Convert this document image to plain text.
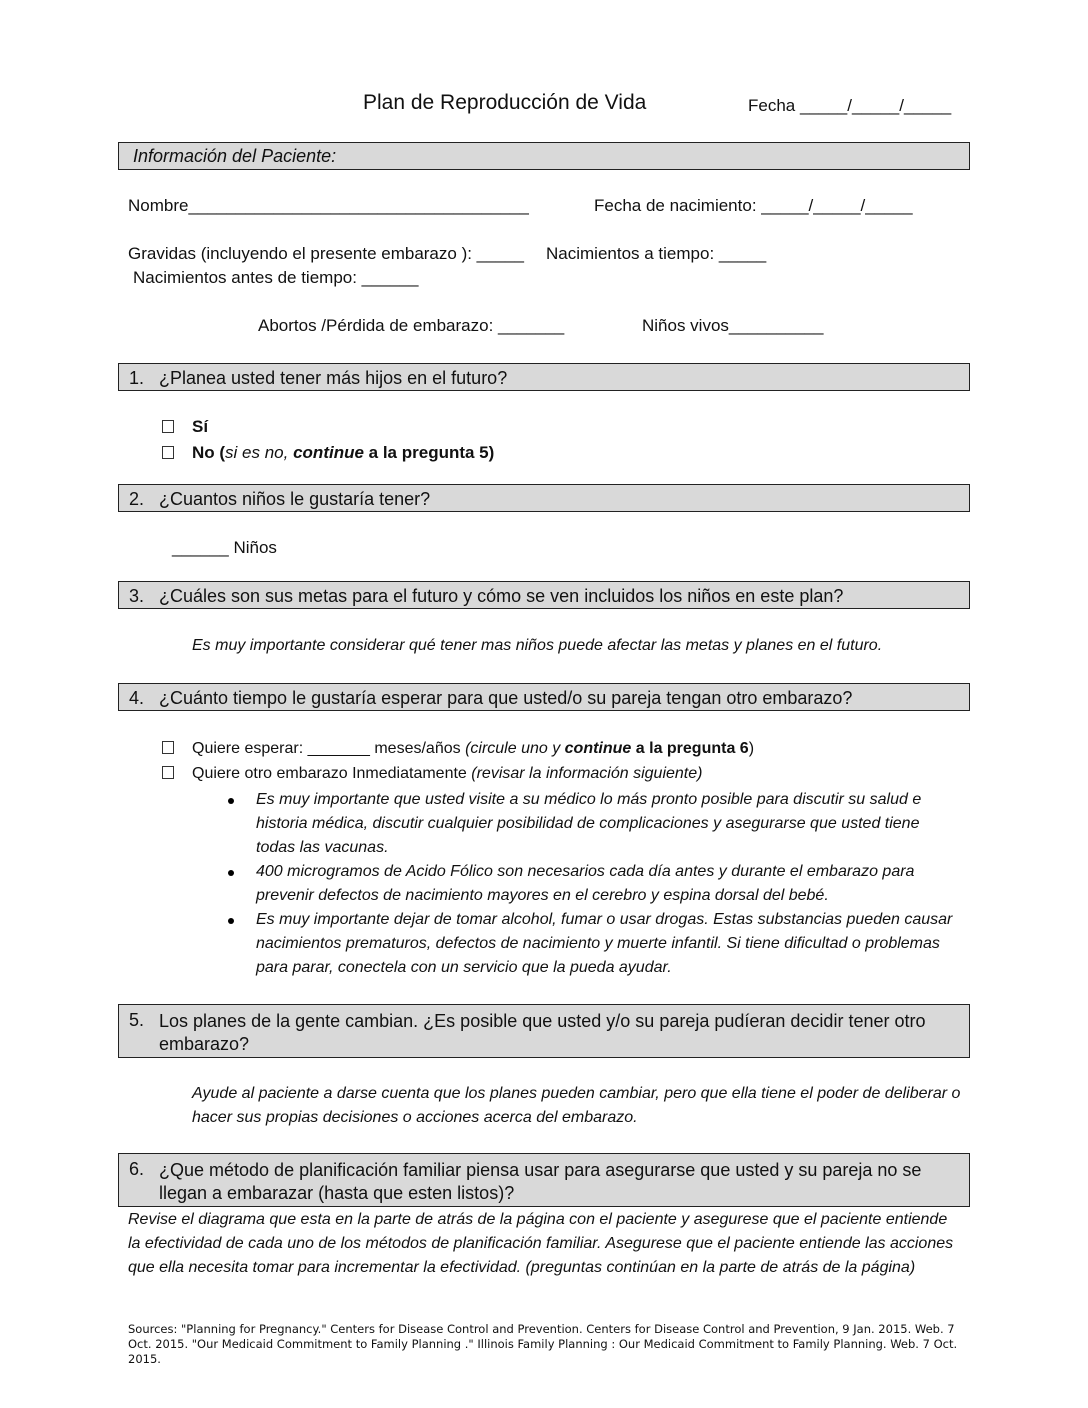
Plan de Reproducción de Vida	Fecha _____/_____/_____
Información del Paciente:
Nombre____________________________________	Fecha de nacimiento: _____/_____/_____
Gravidas (incluyendo el presente embarazo ): _____ Nacimientos a tiempo: _____
Nacimientos antes de tiempo: ______
Abortos /Pérdida de embarazo: _______	Niños vivos__________
1. ¿Planea usted tener más hijos en el futuro?
Sí
No (si es no, continue a la pregunta 5)
2. ¿Cuantos niños le gustaría tener?
______ Niños
3. ¿Cuáles son sus metas para el futuro y cómo se ven incluidos los niños en este plan?
Es muy importante considerar qué tener mas niños puede afectar las metas y planes en el futuro.
4. ¿Cuánto tiempo le gustaría esperar para que usted/o su pareja tengan otro embarazo?
Quiere esperar: _______ meses/años (circule uno y continue a la pregunta 6)
Quiere otro embarazo Inmediatamente (revisar la información siguiente)
Es muy importante que usted visite a su médico lo más pronto posible para discutir su salud e historia médica, discutir cualquier posibilidad de complicaciones y asegurarse que usted tiene todas las vacunas.
400 microgramos de Acido Fólico son necesarios cada día antes y durante el embarazo para prevenir defectos de nacimiento mayores en el cerebro y espina dorsal del bebé.
Es muy importante dejar de tomar alcohol, fumar o usar drogas. Estas substancias pueden causar nacimientos prematuros, defectos de nacimiento y muerte infantil. Si tiene dificultad o problemas para parar, conectela con un servicio que la pueda ayudar.
5. Los planes de la gente cambian. ¿Es posible que usted y/o su pareja pudíeran decidir tener otro embarazo?
Ayude al paciente a darse cuenta que los planes pueden cambiar, pero que ella tiene el poder de deliberar o hacer sus propias decisiones o acciones acerca del embarazo.
6. ¿Que método de planificación familiar piensa usar para asegurarse que usted y su pareja no se llegan a embarazar (hasta que esten listos)?
Revise el diagrama que esta en la parte de atrás de la página con el paciente y asegurese que el paciente entiende la efectividad de cada uno de los métodos de planificación familiar. Asegurese que el paciente entiende las acciones que ella necesita tomar para incrementar la efectividad. (preguntas continúan en la parte de atrás de la página)
Sources: "Planning for Pregnancy." Centers for Disease Control and Prevention. Centers for Disease Control and Prevention, 9 Jan. 2015. Web. 7 Oct. 2015. "Our Medicaid Commitment to Family Planning ." Illinois Family Planning : Our Medicaid Commitment to Family Planning. Web. 7 Oct. 2015.
